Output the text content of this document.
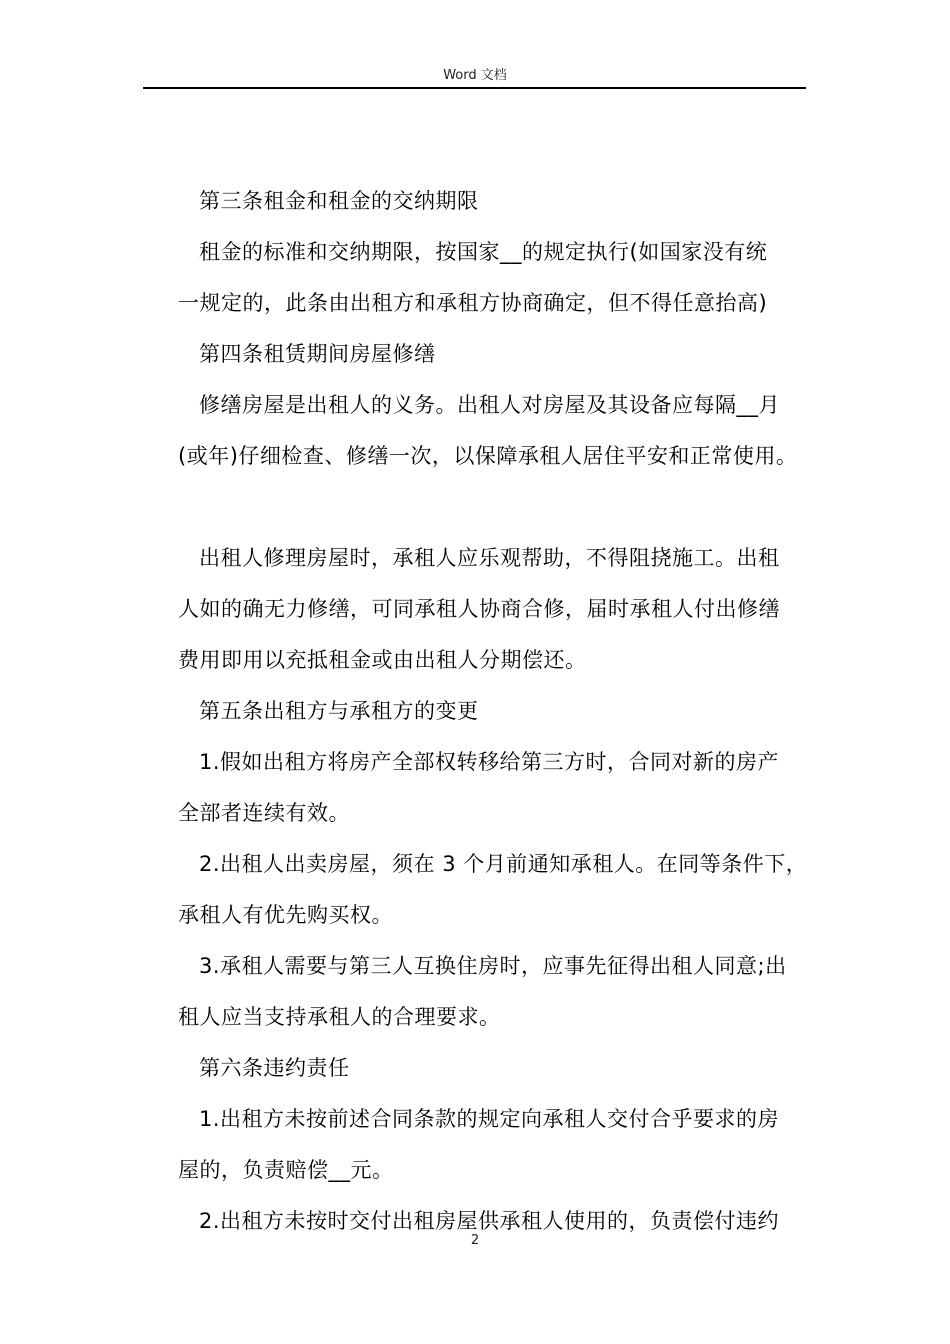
Word 文档

第三条租金和租金的交纳期限

租金的标准和交纳期限，按国家__的规定执行(如国家没有统
一规定的，此条由出租方和承租方协商确定，但不得任意抬高)

第四条租赁期间房屋修缮

修缮房屋是出租人的义务。出租人对房屋及其设备应每隔__月
(或年)仔细检查、修缮一次，以保障承租人居住平安和正常使用。

出租人修理房屋时，承租人应乐观帮助，不得阻挠施工。出租
人如的确无力修缮，可同承租人协商合修，届时承租人付出修缮
费用即用以充抵租金或由出租人分期偿还。

第五条出租方与承租方的变更

1.假如出租方将房产全部权转移给第三方时，合同对新的房产
全部者连续有效。

2.出租人出卖房屋，须在 3 个月前通知承租人。在同等条件下，
承租人有优先购买权。

3.承租人需要与第三人互换住房时，应事先征得出租人同意;出
租人应当支持承租人的合理要求。

第六条违约责任

1.出租方未按前述合同条款的规定向承租人交付合乎要求的房
屋的，负责赔偿__元。

2.出租方未按时交付出租房屋供承租人使用的，负责偿付违约

2
